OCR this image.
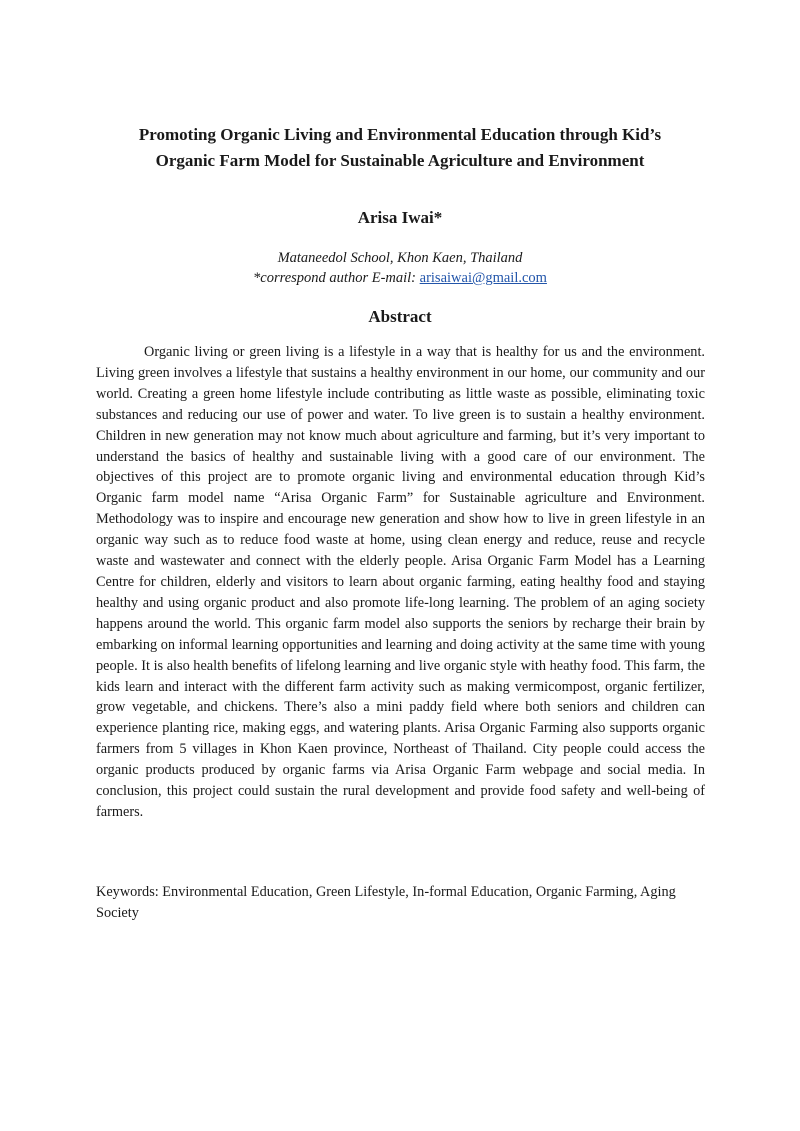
Promoting Organic Living and Environmental Education through Kid’s
Organic Farm Model for Sustainable Agriculture and Environment
Arisa Iwai*
Mataneedol School, Khon Kaen, Thailand
*correspond author E-mail: arisaiwai@gmail.com
Abstract

Organic living or green living is a lifestyle in a way that is healthy for us and the environment. Living green involves a lifestyle that sustains a healthy environment in our home, our community and our world. Creating a green home lifestyle include contributing as little waste as possible, eliminating toxic substances and reducing our use of power and water. To live green is to sustain a healthy environment. Children in new generation may not know much about agriculture and farming, but it’s very important to understand the basics of healthy and sustainable living with a good care of our environment. The objectives of this project are to promote organic living and environmental education through Kid’s Organic farm model name “Arisa Organic Farm” for Sustainable agriculture and Environment. Methodology was to inspire and encourage new generation and show how to live in green lifestyle in an organic way such as to reduce food waste at home, using clean energy and reduce, reuse and recycle waste and wastewater and connect with the elderly people. Arisa Organic Farm Model has a Learning Centre for children, elderly and visitors to learn about organic farming, eating healthy food and staying healthy and using organic product and also promote life-long learning. The problem of an aging society happens around the world. This organic farm model also supports the seniors by recharge their brain by embarking on informal learning opportunities and learning and doing activity at the same time with young people. It is also health benefits of lifelong learning and live organic style with heathy food. This farm, the kids learn and interact with the different farm activity such as making vermicompost, organic fertilizer, grow vegetable, and chickens. There’s also a mini paddy field where both seniors and children can experience planting rice, making eggs, and watering plants. Arisa Organic Farming also supports organic farmers from 5 villages in Khon Kaen province, Northeast of Thailand. City people could access the organic products produced by organic farms via Arisa Organic Farm webpage and social media. In conclusion, this project could sustain the rural development and provide food safety and well-being of farmers.

Keywords: Environmental Education, Green Lifestyle, In-formal Education, Organic Farming, Aging Society
